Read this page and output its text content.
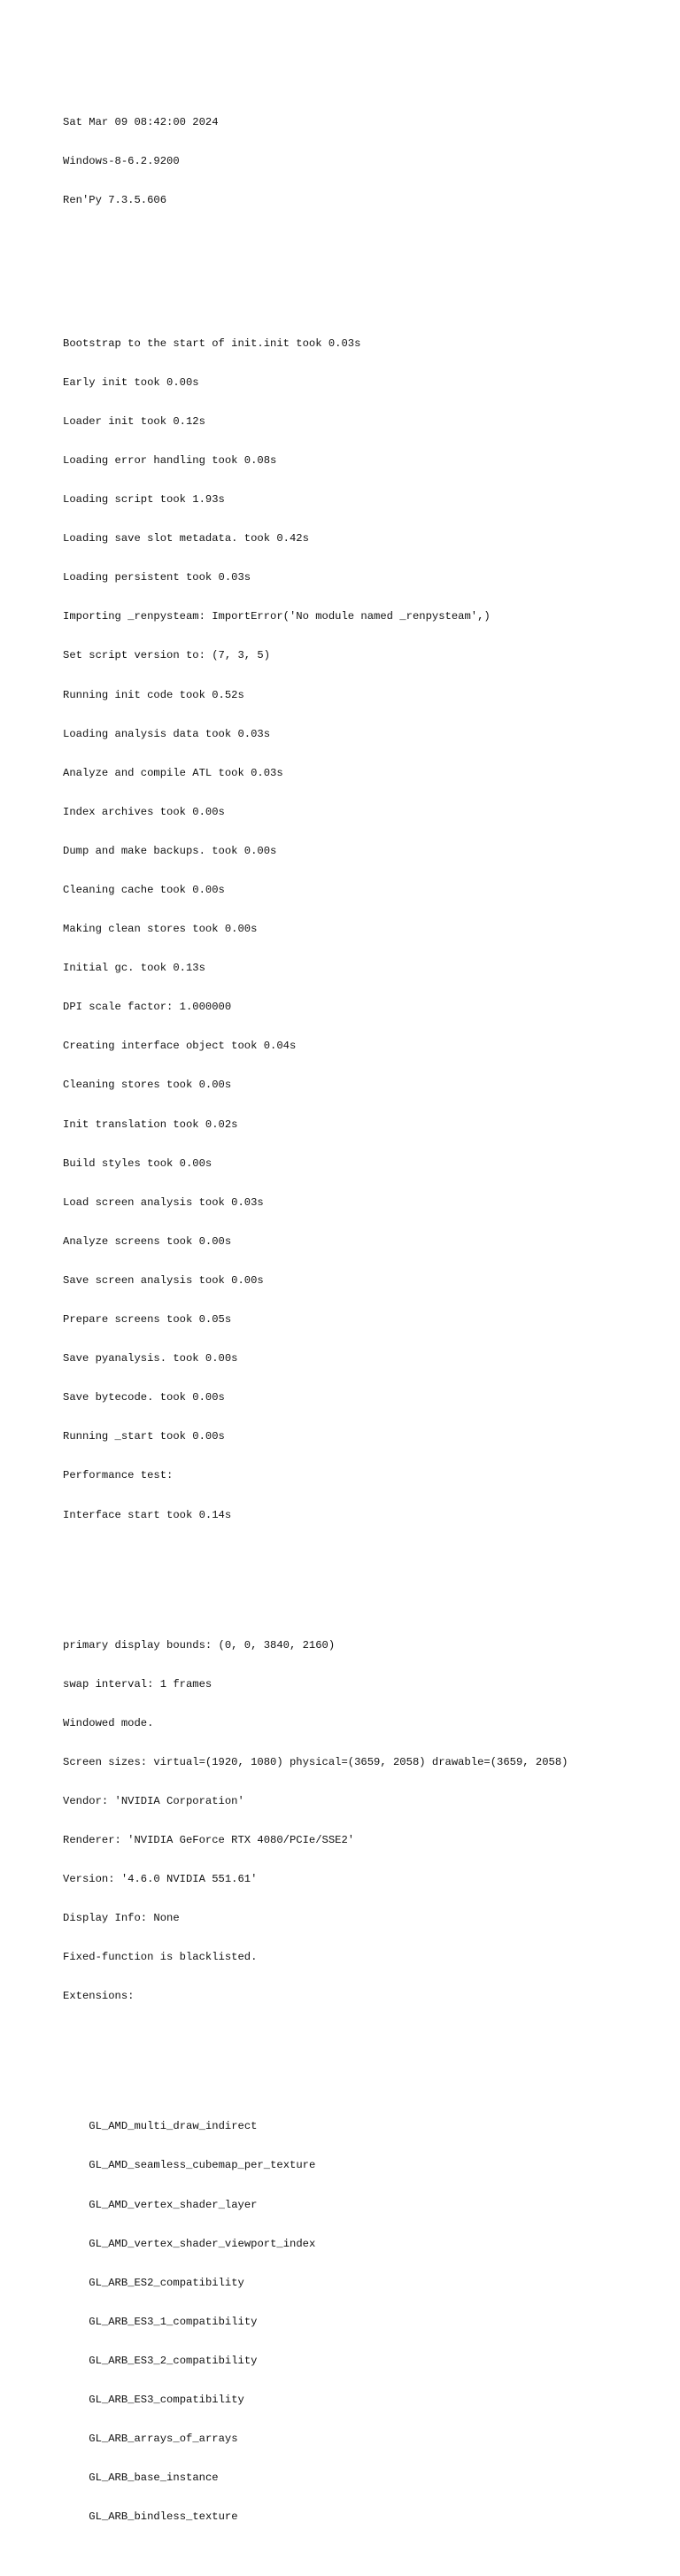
Sat Mar 09 08:42:00 2024

Windows-8-6.2.9200

Ren'Py 7.3.5.606

Bootstrap to the start of init.init took 0.03s

Early init took 0.00s

Loader init took 0.12s

Loading error handling took 0.08s

Loading script took 1.93s

Loading save slot metadata. took 0.42s

Loading persistent took 0.03s

Importing _renpysteam: ImportError('No module named _renpysteam',)

Set script version to: (7, 3, 5)

Running init code took 0.52s

Loading analysis data took 0.03s

Analyze and compile ATL took 0.03s

Index archives took 0.00s

Dump and make backups. took 0.00s

Cleaning cache took 0.00s

Making clean stores took 0.00s

Initial gc. took 0.13s

DPI scale factor: 1.000000

Creating interface object took 0.04s

Cleaning stores took 0.00s

Init translation took 0.02s

Build styles took 0.00s

Load screen analysis took 0.03s

Analyze screens took 0.00s

Save screen analysis took 0.00s

Prepare screens took 0.05s

Save pyanalysis. took 0.00s

Save bytecode. took 0.00s

Running _start took 0.00s

Performance test:

Interface start took 0.14s

primary display bounds: (0, 0, 3840, 2160)

swap interval: 1 frames

Windowed mode.

Screen sizes: virtual=(1920, 1080) physical=(3659, 2058) drawable=(3659, 2058)

Vendor: 'NVIDIA Corporation'

Renderer: 'NVIDIA GeForce RTX 4080/PCIe/SSE2'

Version: '4.6.0 NVIDIA 551.61'

Display Info: None

Fixed-function is blacklisted.

Extensions:

GL_AMD_multi_draw_indirect

GL_AMD_seamless_cubemap_per_texture

GL_AMD_vertex_shader_layer

GL_AMD_vertex_shader_viewport_index

GL_ARB_ES2_compatibility

GL_ARB_ES3_1_compatibility

GL_ARB_ES3_2_compatibility

GL_ARB_ES3_compatibility

GL_ARB_arrays_of_arrays

GL_ARB_base_instance

GL_ARB_bindless_texture
